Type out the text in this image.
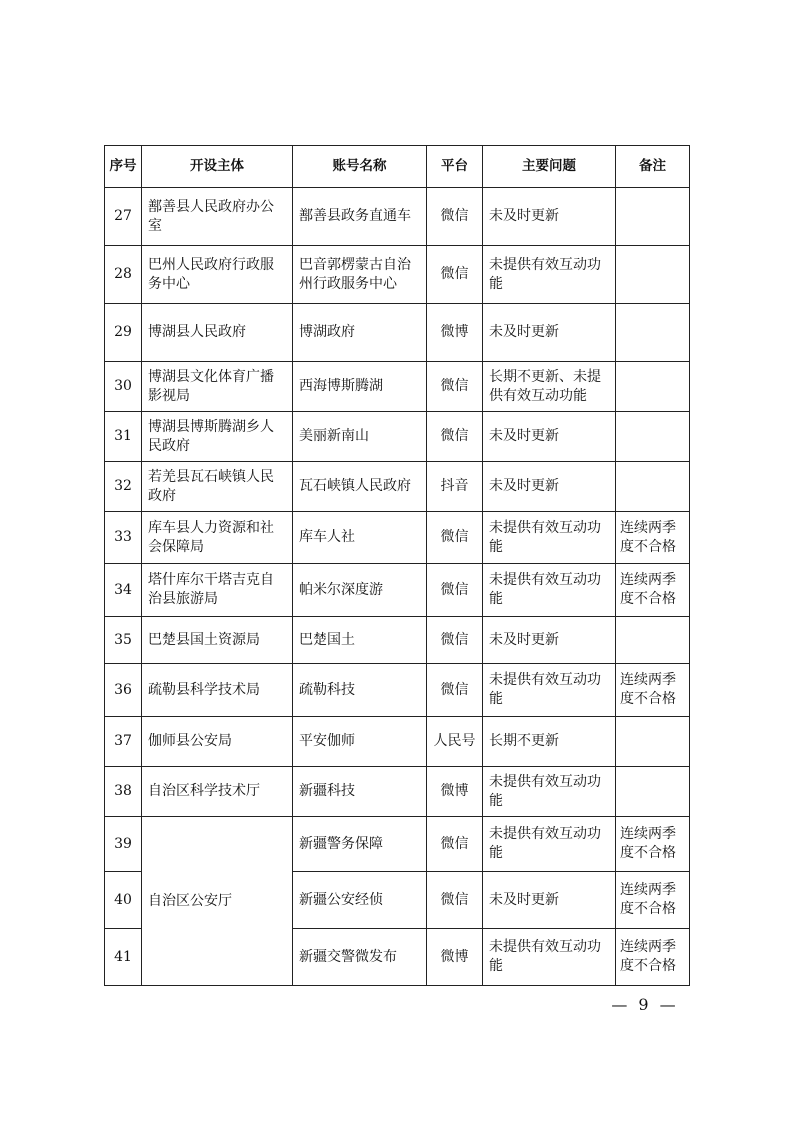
序号	开设主体	账号名称	平台	主要问题	备注
27	鄯善县人民政府办公室	鄯善县政务直通车	微信	未及时更新	
28	巴州人民政府行政服务中心	巴音郭楞蒙古自治州行政服务中心	微信	未提供有效互动功能	
29	博湖县人民政府	博湖政府	微博	未及时更新	
30	博湖县文化体育广播影视局	西海博斯腾湖	微信	长期不更新、未提供有效互动功能	
31	博湖县博斯腾湖乡人民政府	美丽新南山	微信	未及时更新	
32	若羌县瓦石峡镇人民政府	瓦石峡镇人民政府	抖音	未及时更新	
33	库车县人力资源和社会保障局	库车人社	微信	未提供有效互动功能	连续两季度不合格
34	塔什库尔干塔吉克自治县旅游局	帕米尔深度游	微信	未提供有效互动功能	连续两季度不合格
35	巴楚县国土资源局	巴楚国土	微信	未及时更新	
36	疏勒县科学技术局	疏勒科技	微信	未提供有效互动功能	连续两季度不合格
37	伽师县公安局	平安伽师	人民号	长期不更新	
38	自治区科学技术厅	新疆科技	微博	未提供有效互动功能	
39	自治区公安厅	新疆警务保障	微信	未提供有效互动功能	连续两季度不合格
40		新疆公安经侦	微信	未及时更新	连续两季度不合格
41		新疆交警微发布	微博	未提供有效互动功能	连续两季度不合格
— 9 —
